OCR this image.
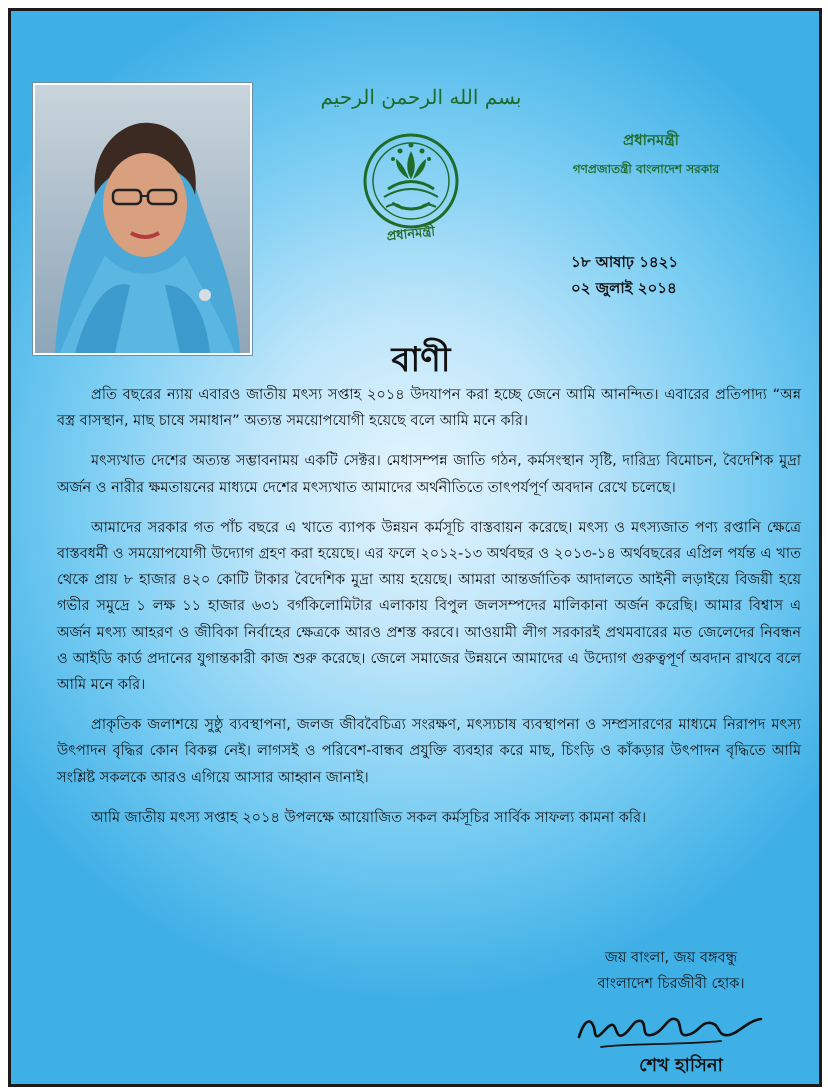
بسم الله الرحمن الرحيم
প্রধানমন্ত্রী
প্রধানমন্ত্রী
গণপ্রজাতন্ত্রী বাংলাদেশ সরকার
১৮ আষাঢ় ১৪২১
০২ জুলাই ২০১৪
বাণী

প্রতি বছরের ন্যায় এবারও জাতীয় মৎস্য সপ্তাহ ২০১৪ উদযাপন করা হচ্ছে জেনে আমি আনন্দিত। এবারের প্রতিপাদ্য “অন্ন বস্ত্র বাসস্থান, মাছ চাষে সমাধান” অত্যন্ত সময়োপযোগী হয়েছে বলে আমি মনে করি।

মৎস্যখাত দেশের অত্যন্ত সম্ভাবনাময় একটি সেক্টর। মেধাসম্পন্ন জাতি গঠন, কর্মসংস্থান সৃষ্টি, দারিদ্র্য বিমোচন, বৈদেশিক মুদ্রা অর্জন ও নারীর ক্ষমতায়নের মাধ্যমে দেশের মৎস্যখাত আমাদের অর্থনীতিতে তাৎপর্যপূর্ণ অবদান রেখে চলেছে।

আমাদের সরকার গত পাঁচ বছরে এ খাতে ব্যাপক উন্নয়ন কর্মসূচি বাস্তবায়ন করেছে। মৎস্য ও মৎস্যজাত পণ্য রপ্তানি ক্ষেত্রে বাস্তবধর্মী ও সময়োপযোগী উদ্যোগ গ্রহণ করা হয়েছে। এর ফলে ২০১২-১৩ অর্থবছর ও ২০১৩-১৪ অর্থবছরের এপ্রিল পর্যন্ত এ খাত থেকে প্রায় ৮ হাজার ৪২০ কোটি টাকার বৈদেশিক মুদ্রা আয় হয়েছে। আমরা আন্তর্জাতিক আদালতে আইনী লড়াইয়ে বিজয়ী হয়ে গভীর সমুদ্রে ১ লক্ষ ১১ হাজার ৬৩১ বর্গকিলোমিটার এলাকায় বিপুল জলসম্পদের মালিকানা অর্জন করেছি। আমার বিশ্বাস এ অর্জন মৎস্য আহরণ ও জীবিকা নির্বাহের ক্ষেত্রকে আরও প্রশস্ত করবে। আওয়ামী লীগ সরকারই প্রথমবারের মত জেলেদের নিবন্ধন ও আইডি কার্ড প্রদানের যুগান্তকারী কাজ শুরু করেছে। জেলে সমাজের উন্নয়নে আমাদের এ উদ্যোগ গুরুত্বপূর্ণ অবদান রাখবে বলে আমি মনে করি।

প্রাকৃতিক জলাশয়ে সুষ্ঠু ব্যবস্থাপনা, জলজ জীববৈচিত্র্য সংরক্ষণ, মৎস্যচাষ ব্যবস্থাপনা ও সম্প্রসারণের মাধ্যমে নিরাপদ মৎস্য উৎপাদন বৃদ্ধির কোন বিকল্প নেই। লাগসই ও পরিবেশ-বান্ধব প্রযুক্তি ব্যবহার করে মাছ, চিংড়ি ও কাঁকড়ার উৎপাদন বৃদ্ধিতে আমি সংশ্লিষ্ট সকলকে আরও এগিয়ে আসার আহ্বান জানাই।

আমি জাতীয় মৎস্য সপ্তাহ ২০১৪ উপলক্ষে আয়োজিত সকল কর্মসূচির সার্বিক সাফল্য কামনা করি।

জয় বাংলা, জয় বঙ্গবন্ধু
বাংলাদেশ চিরজীবী হোক।
শেখ হাসিনা
